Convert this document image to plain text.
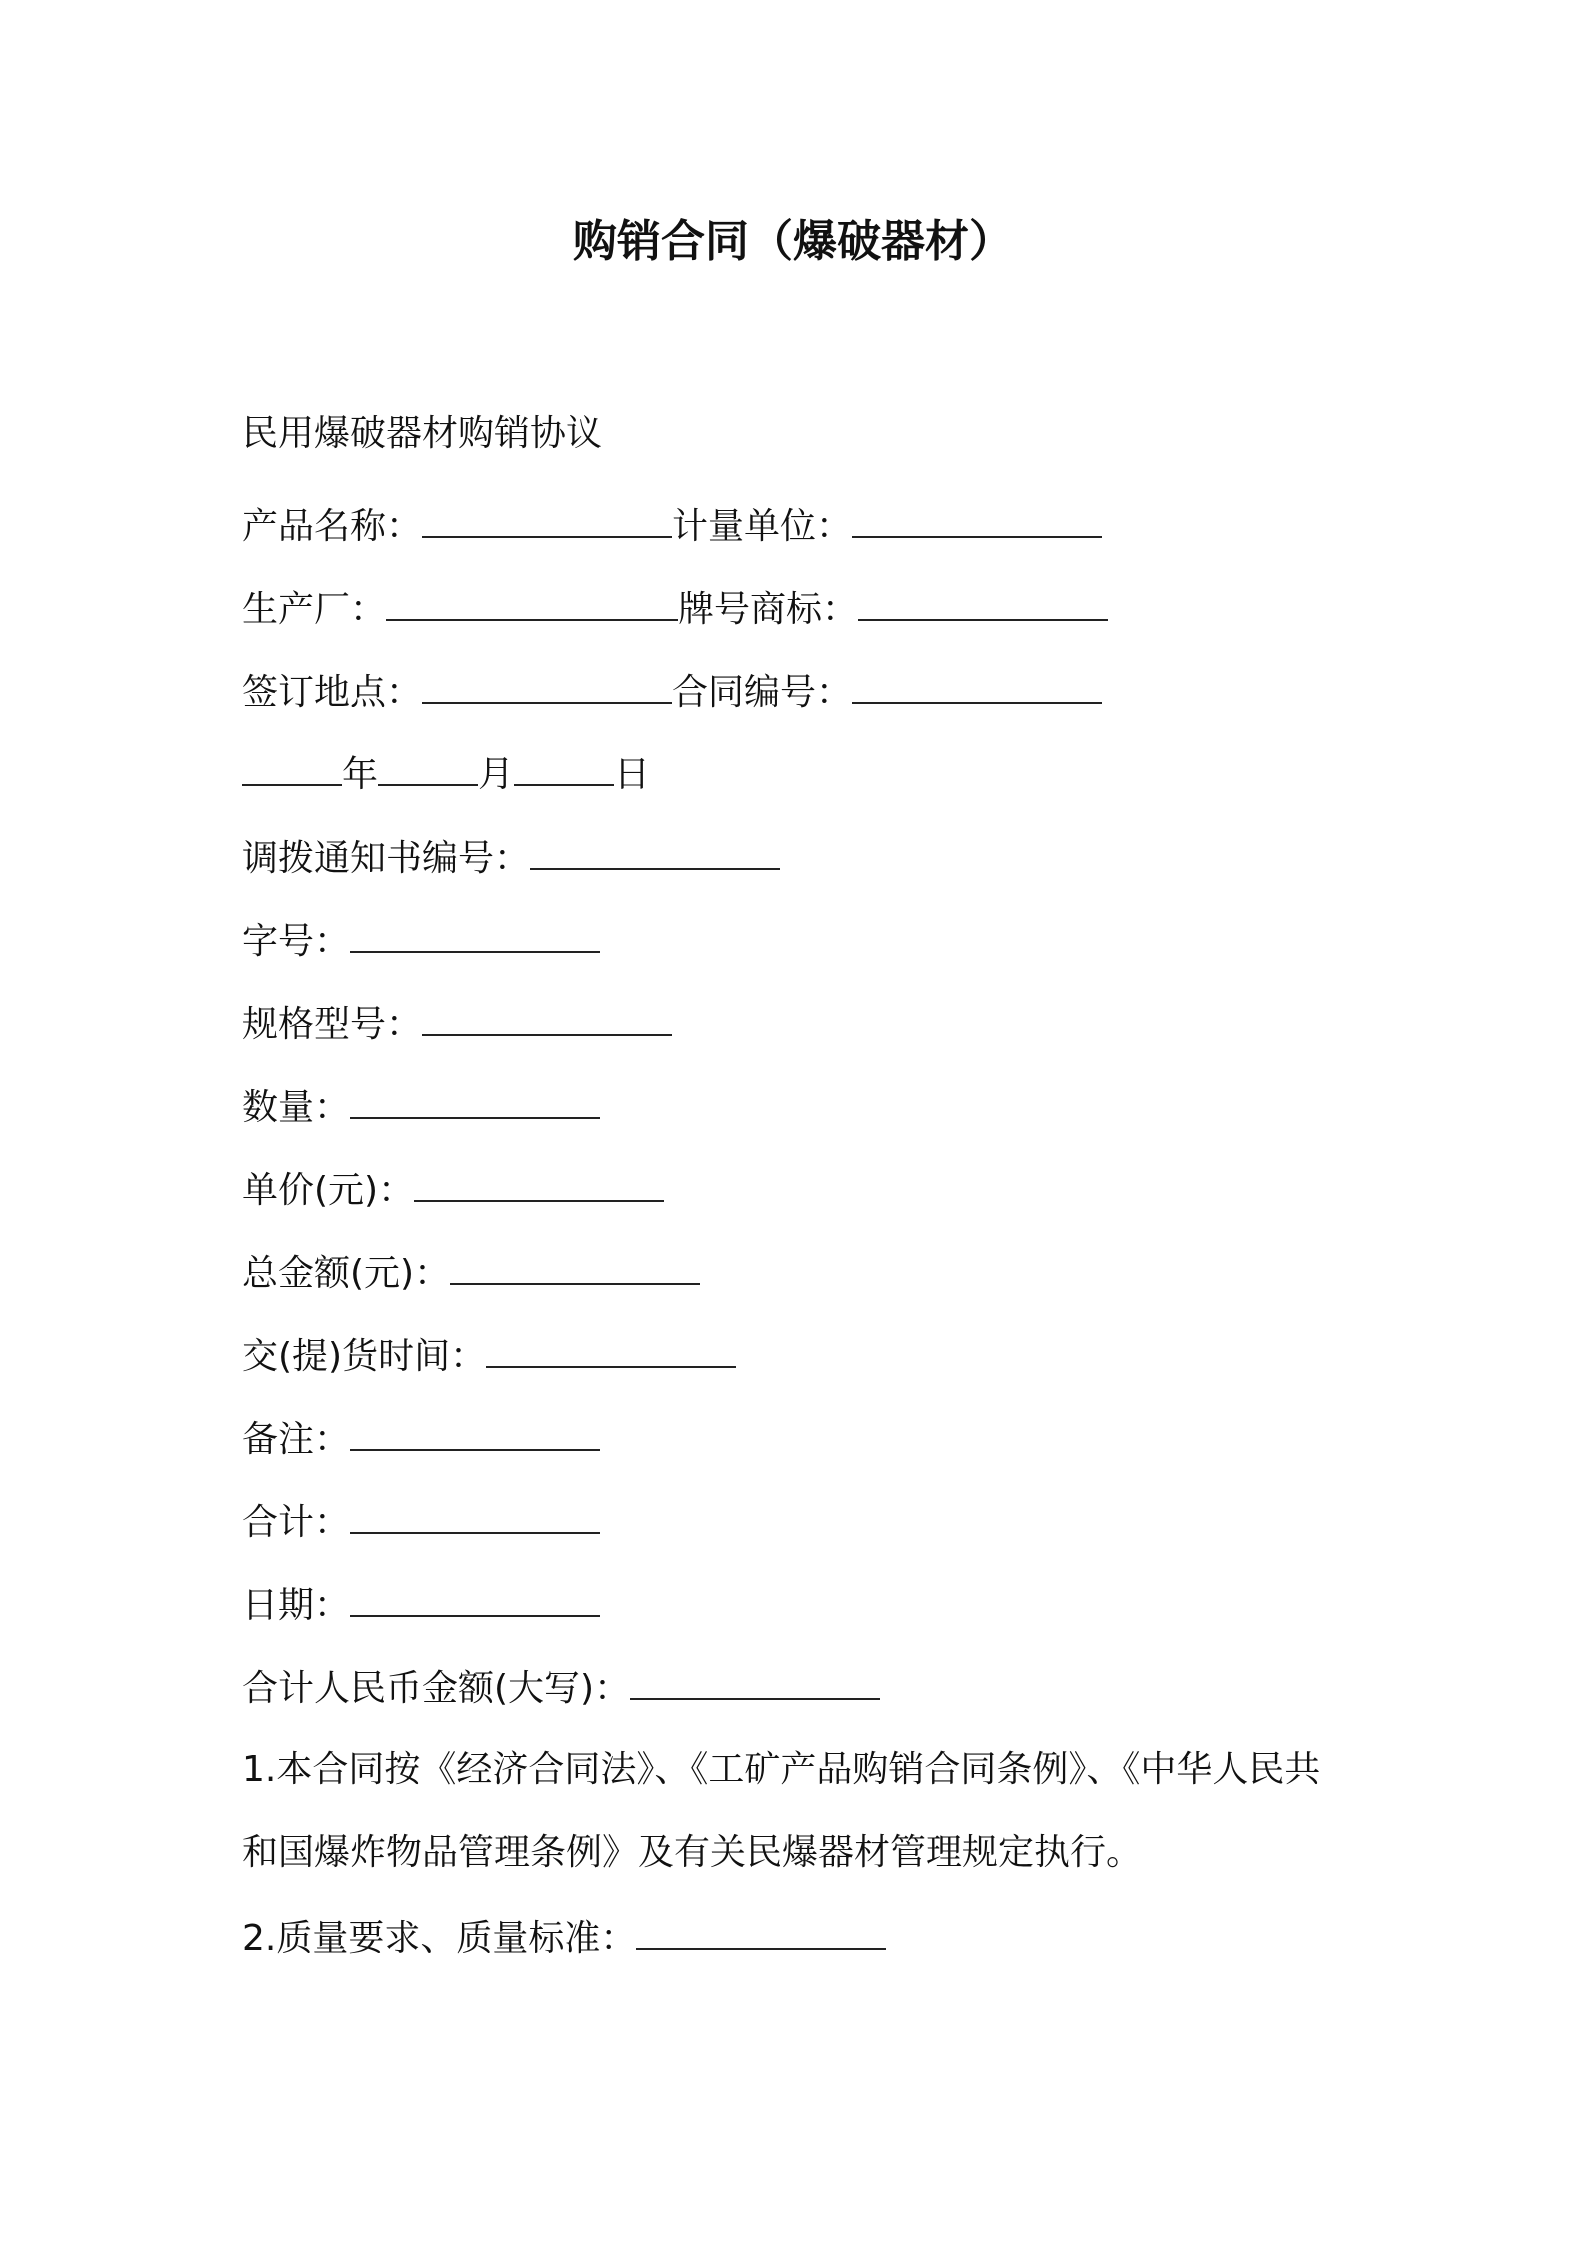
购销合同（爆破器材）
民用爆破器材购销协议
产品名称：	计量单位：
生产厂：	牌号商标：
签订地点：	合同编号：
年	月	日
调拨通知书编号：
字号：
规格型号：
数量：
单价(元)：
总金额(元)：
交(提)货时间：
备注：
合计：
日期：
合计人民币金额(大写)：
1.本合同按《经济合同法》、《工矿产品购销合同条例》、《中华人民共
和国爆炸物品管理条例》及有关民爆器材管理规定执行。
2.质量要求、质量标准：
